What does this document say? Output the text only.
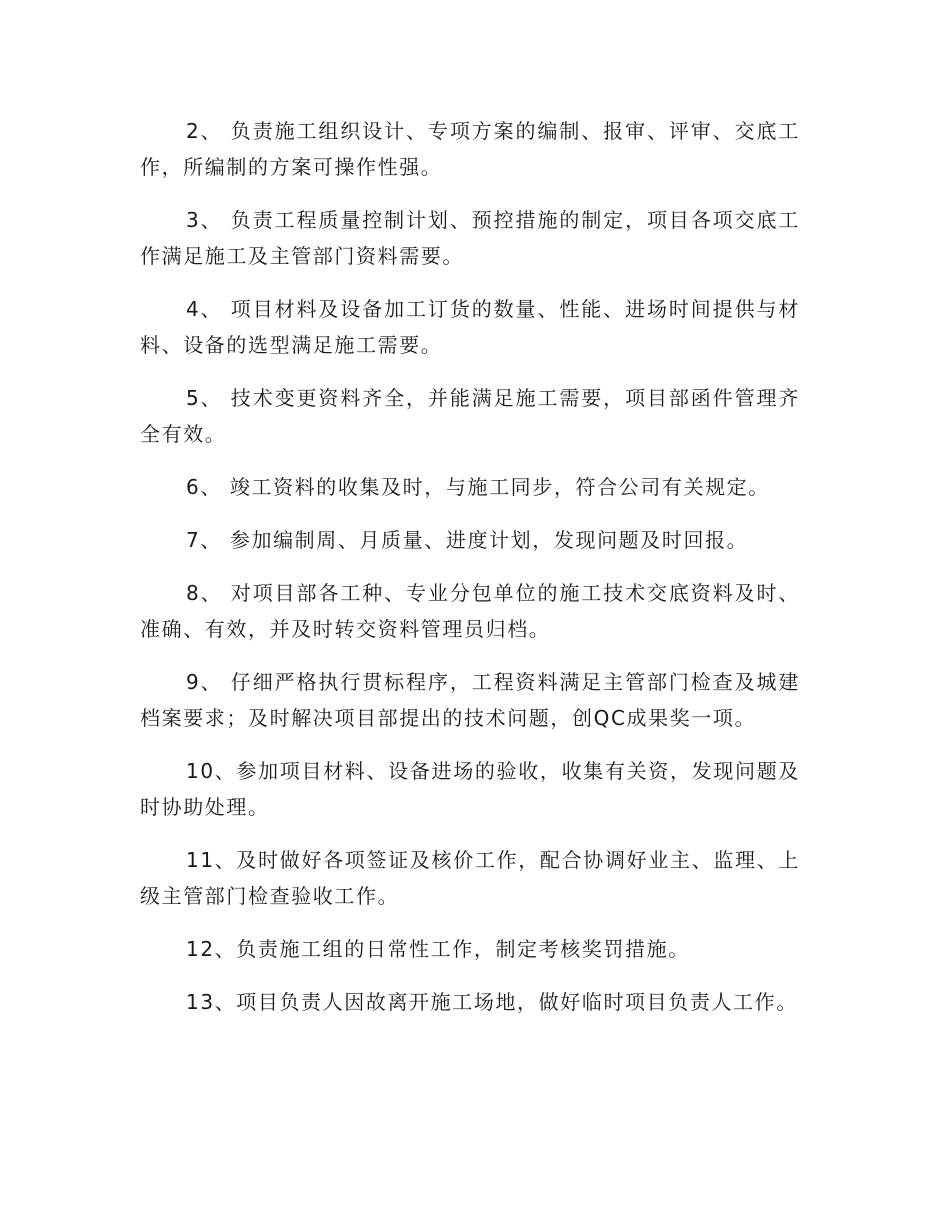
2、 负责施工组织设计、专项方案的编制、报审、评审、交底工作，所编制的方案可操作性强。

3、 负责工程质量控制计划、预控措施的制定，项目各项交底工作满足施工及主管部门资料需要。

4、 项目材料及设备加工订货的数量、性能、进场时间提供与材料、设备的选型满足施工需要。

5、 技术变更资料齐全，并能满足施工需要，项目部函件管理齐全有效。

6、 竣工资料的收集及时，与施工同步，符合公司有关规定。

7、 参加编制周、月质量、进度计划，发现问题及时回报。

8、 对项目部各工种、专业分包单位的施工技术交底资料及时、准确、有效，并及时转交资料管理员归档。

9、 仔细严格执行贯标程序，工程资料满足主管部门检查及城建档案要求；及时解决项目部提出的技术问题，创QC成果奖一项。

10、参加项目材料、设备进场的验收，收集有关资，发现问题及时协助处理。

11、及时做好各项签证及核价工作，配合协调好业主、监理、上级主管部门检查验收工作。

12、负责施工组的日常性工作，制定考核奖罚措施。

13、项目负责人因故离开施工场地，做好临时项目负责人工作。
